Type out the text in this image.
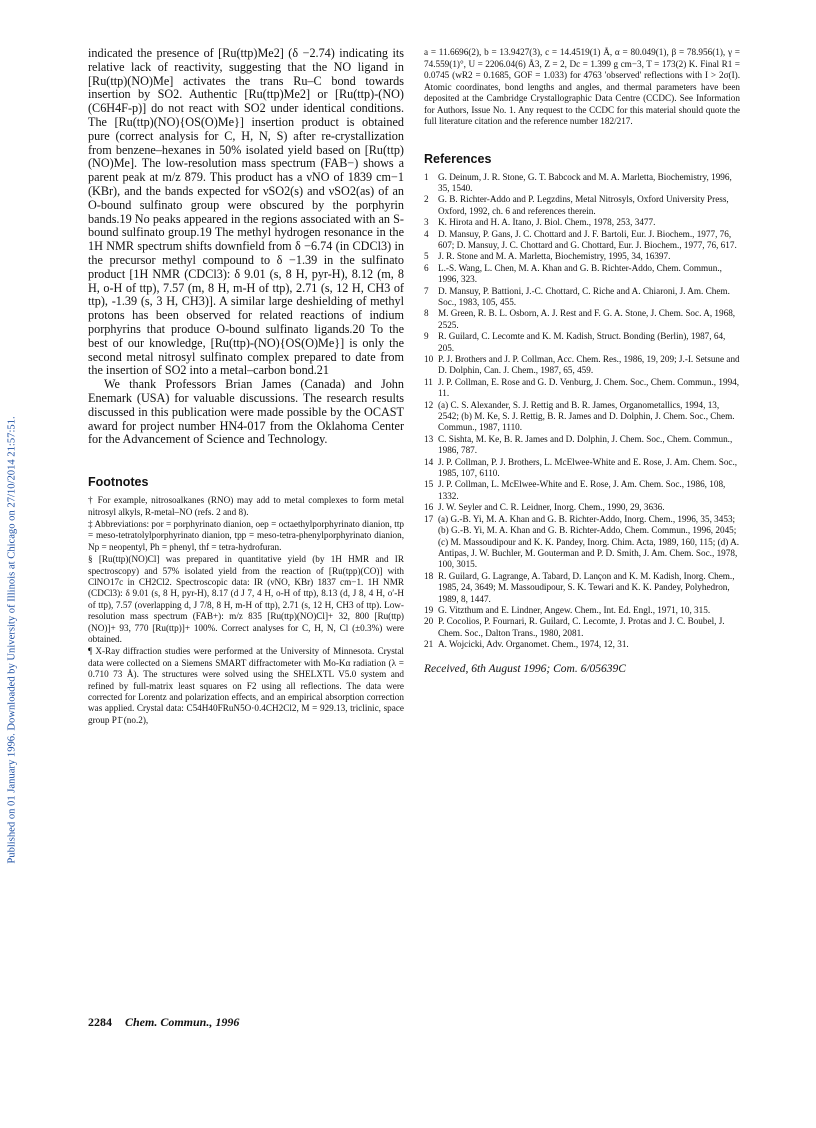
Published on 01 January 1996. Downloaded by University of Illinois at Chicago on 27/10/2014 21:57:51.

indicated the presence of [Ru(ttp)Me2] (δ −2.74) indicating its relative lack of reactivity, suggesting that the NO ligand in [Ru(ttp)(NO)Me] activates the trans Ru–C bond towards insertion by SO2. Authentic [Ru(ttp)Me2] or [Ru(ttp)-(NO)(C6H4F-p)] do not react with SO2 under identical conditions. The [Ru(ttp)(NO){OS(O)Me}] insertion product is obtained pure (correct analysis for C, H, N, S) after re-crystallization from benzene–hexanes in 50% isolated yield based on [Ru(ttp)(NO)Me]. The low-resolution mass spectrum (FAB−) shows a parent peak at m/z 879. This product has a νNO of 1839 cm−1 (KBr), and the bands expected for νSO2(s) and νSO2(as) of an O-bound sulfinato group were obscured by the porphyrin bands.19 No peaks appeared in the regions associated with an S-bound sulfinato group.19 The methyl hydrogen resonance in the 1H NMR spectrum shifts downfield from δ −6.74 (in CDCl3) in the precursor methyl compound to δ −1.39 in the sulfinato product [1H NMR (CDCl3): δ 9.01 (s, 8 H, pyr-H), 8.12 (m, 8 H, o-H of ttp), 7.57 (m, 8 H, m-H of ttp), 2.71 (s, 12 H, CH3 of ttp), -1.39 (s, 3 H, CH3)]. A similar large deshielding of methyl protons has been observed for related reactions of indium porphyrins that produce O-bound sulfinato ligands.20 To the best of our knowledge, [Ru(ttp)-(NO){OS(O)Me}] is only the second metal nitrosyl sulfinato complex prepared to date from the insertion of SO2 into a metal–carbon bond.21

We thank Professors Brian James (Canada) and John Enemark (USA) for valuable discussions. The research results discussed in this publication were made possible by the OCAST award for project number HN4-017 from the Oklahoma Center for the Advancement of Science and Technology.

Footnotes

† For example, nitrosoalkanes (RNO) may add to metal complexes to form metal nitrosyl alkyls, R-metal–NO (refs. 2 and 8).

‡ Abbreviations: por = porphyrinato dianion, oep = octaethylporphyrinato dianion, ttp = meso-tetratolylporphyrinato dianion, tpp = meso-tetra-phenylporphyrinato dianion, Np = neopentyl, Ph = phenyl, thf = tetra-hydrofuran.

§ [Ru(ttp)(NO)Cl] was prepared in quantitative yield (by 1H HMR and IR spectroscopy) and 57% isolated yield from the reaction of [Ru(tpp)(CO)] with ClNO17c in CH2Cl2. Spectroscopic data: IR (νNO, KBr) 1837 cm−1. 1H NMR (CDCl3): δ 9.01 (s, 8 H, pyr-H), 8.17 (d J 7, 4 H, o-H of ttp), 8.13 (d, J 8, 4 H, o′-H of ttp), 7.57 (overlapping d, J 7/8, 8 H, m-H of ttp), 2.71 (s, 12 H, CH3 of ttp). Low-resolution mass spectrum (FAB+): m/z 835 [Ru(ttp)(NO)Cl]+ 32, 800 [Ru(ttp)(NO)]+ 93, 770 [Ru(ttp)]+ 100%. Correct analyses for C, H, N, Cl (±0.3%) were obtained.

¶ X-Ray diffraction studies were performed at the University of Minnesota. Crystal data were collected on a Siemens SMART diffractometer with Mo-Kα radiation (λ = 0.710 73 Å). The structures were solved using the SHELXTL V5.0 system and refined by full-matrix least squares on F2 using all reflections. The data were corrected for Lorentz and polarization effects, and an empirical absorption correction was applied. Crystal data: C54H40FRuN5O·0.4CH2Cl2, M = 929.13, triclinic, space group P1̄ (no.2),

a = 11.6696(2), b = 13.9427(3), c = 14.4519(1) Å, α = 80.049(1), β = 78.956(1), γ = 74.559(1)°, U = 2206.04(6) Å3, Z = 2, Dc = 1.399 g cm−3, T = 173(2) K. Final R1 = 0.0745 (wR2 = 0.1685, GOF = 1.033) for 4763 'observed' reflections with I > 2σ(I). Atomic coordinates, bond lengths and angles, and thermal parameters have been deposited at the Cambridge Crystallographic Data Centre (CCDC). See Information for Authors, Issue No. 1. Any request to the CCDC for this material should quote the full literature citation and the reference number 182/217.

References
1	G. Deinum, J. R. Stone, G. T. Babcock and M. A. Marletta, Biochemistry, 1996, 35, 1540.
2	G. B. Richter-Addo and P. Legzdins, Metal Nitrosyls, Oxford University Press, Oxford, 1992, ch. 6 and references therein.
3	K. Hirota and H. A. Itano, J. Biol. Chem., 1978, 253, 3477.
4	D. Mansuy, P. Gans, J. C. Chottard and J. F. Bartoli, Eur. J. Biochem., 1977, 76, 607; D. Mansuy, J. C. Chottard and G. Chottard, Eur. J. Biochem., 1977, 76, 617.
5	J. R. Stone and M. A. Marletta, Biochemistry, 1995, 34, 16397.
6	L.-S. Wang, L. Chen, M. A. Khan and G. B. Richter-Addo, Chem. Commun., 1996, 323.
7	D. Mansuy, P. Battioni, J.-C. Chottard, C. Riche and A. Chiaroni, J. Am. Chem. Soc., 1983, 105, 455.
8	M. Green, R. B. L. Osborn, A. J. Rest and F. G. A. Stone, J. Chem. Soc. A, 1968, 2525.
9	R. Guilard, C. Lecomte and K. M. Kadish, Struct. Bonding (Berlin), 1987, 64, 205.
10 P. J. Brothers and J. P. Collman, Acc. Chem. Res., 1986, 19, 209; J.-I. Setsune and D. Dolphin, Can. J. Chem., 1987, 65, 459.
11 J. P. Collman, E. Rose and G. D. Venburg, J. Chem. Soc., Chem. Commun., 1994, 11.
12 (a) C. S. Alexander, S. J. Rettig and B. R. James, Organometallics, 1994, 13, 2542; (b) M. Ke, S. J. Rettig, B. R. James and D. Dolphin, J. Chem. Soc., Chem. Commun., 1987, 1110.
13 C. Sishta, M. Ke, B. R. James and D. Dolphin, J. Chem. Soc., Chem. Commun., 1986, 787.
14 J. P. Collman, P. J. Brothers, L. McElwee-White and E. Rose, J. Am. Chem. Soc., 1985, 107, 6110.
15 J. P. Collman, L. McElwee-White and E. Rose, J. Am. Chem. Soc., 1986, 108, 1332.
16 J. W. Seyler and C. R. Leidner, Inorg. Chem., 1990, 29, 3636.
17 (a) G.-B. Yi, M. A. Khan and G. B. Richter-Addo, Inorg. Chem., 1996, 35, 3453; (b) G.-B. Yi, M. A. Khan and G. B. Richter-Addo, Chem. Commun., 1996, 2045; (c) M. Massoudipour and K. K. Pandey, Inorg. Chim. Acta, 1989, 160, 115; (d) A. Antipas, J. W. Buchler, M. Gouterman and P. D. Smith, J. Am. Chem. Soc., 1978, 100, 3015.
18 R. Guilard, G. Lagrange, A. Tabard, D. Lançon and K. M. Kadish, Inorg. Chem., 1985, 24, 3649; M. Massoudipour, S. K. Tewari and K. K. Pandey, Polyhedron, 1989, 8, 1447.
19 G. Vitzthum and E. Lindner, Angew. Chem., Int. Ed. Engl., 1971, 10, 315.
20 P. Cocolios, P. Fournari, R. Guilard, C. Lecomte, J. Protas and J. C. Boubel, J. Chem. Soc., Dalton Trans., 1980, 2081.
21 A. Wojcicki, Adv. Organomet. Chem., 1974, 12, 31.
Received, 6th August 1996; Com. 6/05639C
2284 Chem. Commun., 1996
